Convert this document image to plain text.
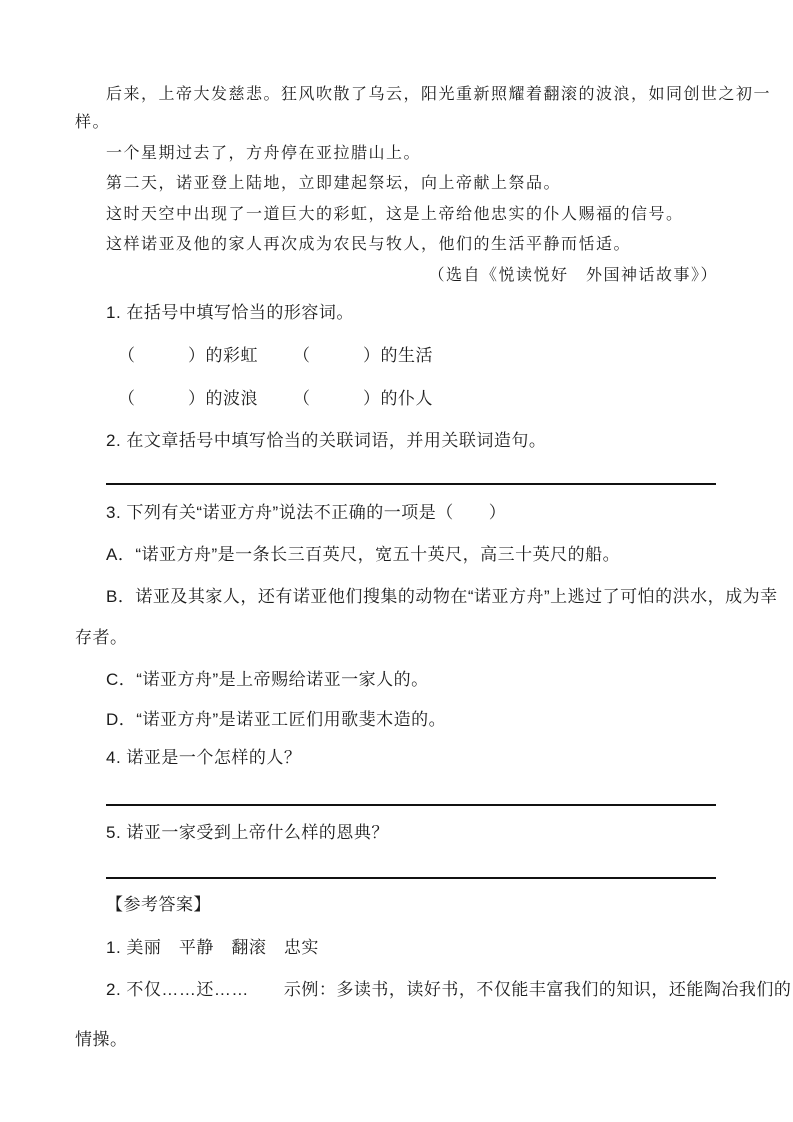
后来，上帝大发慈悲。狂风吹散了乌云，阳光重新照耀着翻滚的波浪，如同创世之初一
样。
一个星期过去了，方舟停在亚拉腊山上。
第二天，诺亚登上陆地，立即建起祭坛，向上帝献上祭品。
这时天空中出现了一道巨大的彩虹，这是上帝给他忠实的仆人赐福的信号。
这样诺亚及他的家人再次成为农民与牧人，他们的生活平静而恬适。
（选自《悦读悦好　外国神话故事》）
1. 在括号中填写恰当的形容词。
（　　　）的彩虹 （　　　）的生活
（　　　）的波浪 （　　　）的仆人
2. 在文章括号中填写恰当的关联词语，并用关联词造句。
3. 下列有关“诺亚方舟”说法不正确的一项是（　　）
A．“诺亚方舟”是一条长三百英尺，宽五十英尺，高三十英尺的船。
B．诺亚及其家人，还有诺亚他们搜集的动物在“诺亚方舟”上逃过了可怕的洪水，成为幸
存者。
C．“诺亚方舟”是上帝赐给诺亚一家人的。
D．“诺亚方舟”是诺亚工匠们用歌斐木造的。
4. 诺亚是一个怎样的人？
5. 诺亚一家受到上帝什么样的恩典？
【参考答案】
1. 美丽　平静　翻滚　忠实
2. 不仅……还……　　示例：多读书，读好书，不仅能丰富我们的知识，还能陶冶我们的
情操。
